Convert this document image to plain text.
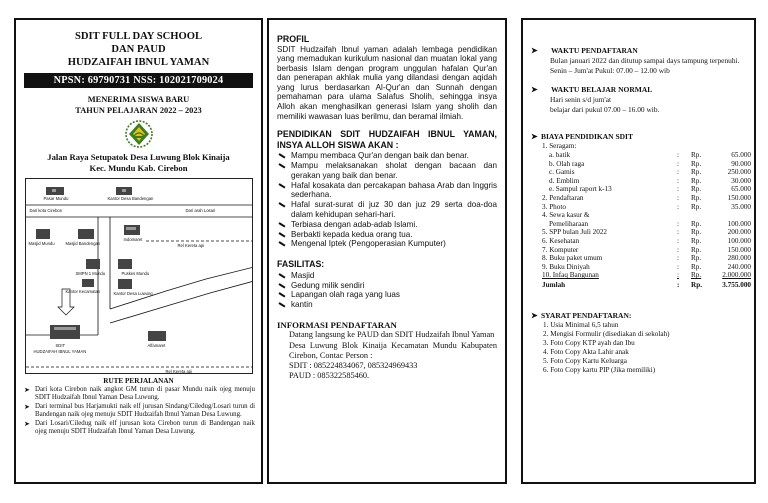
SDIT FULL DAY SCHOOL
DAN PAUD
HUDZAIFAH IBNUL YAMAN
NPSN: 69790731 NSS: 102021709024
MENERIMA SISWA BARU
TAHUN PELAJARAN 2022 – 2023
Jalan Raya Setupatok Desa Luwung Blok Kinaija
Kec. Mundu Kab. Cirebon
Pasar Mundu	Kantor Desa Bandengan
Dari kota Cirebon	Dari arah Losari
Masjid Mundu	Masjid Bandengan
Indomaret
Rel Kereta api
SMPN 1 Mundu	Puskes Mundu
Kantor Kecamatan	Kantor Desa Luwung
SDIT
HUDZAIFAH IBNUL YAMAN
Alfamaret
Rel Kereta api
RUTE PERJALANAN
➤ Dari kota Cirebon naik angkot GM turun di pasar Mundu naik ojeg menuju SDIT Hudzaifah Ibnul Yaman Desa Luwung.
➤ Dari terminal bus Harjamukti naik elf jurusan Sindang/Ciledug/Losari turun di Bandengan naik ojeg menuju SDIT Hudzaifah Ibnul Yaman Desa Luwung.
➤ Dari Losari/Ciledug naik elf jurusan kota Cirebon turun di Bandengan naik ojeg menuju SDIT Hudzaifah Ibnul Yaman Desa Luwung.
PROFIL
SDIT Hudzaifah Ibnul yaman adalah lembaga pendidikan yang memadukan kurikulum nasional dan muatan lokal yang berbasis Islam dengan program unggulan hafalan Qur'an dan penerapan akhlak mulia yang dilandasi dengan aqidah yang lurus berdasarkan Al-Qur'an dan Sunnah dengan pemahaman para ulama Salafus Sholih, sehingga insya Alloh akan menghasilkan generasi Islam yang sholih dan memiliki wawasan luas berilmu, dan beramal ilmiah.
PENDIDIKAN SDIT HUDZAIFAH IBNUL YAMAN, INSYA ALLOH SISWA AKAN :
Mampu membaca Qur'an dengan baik dan benar.
Mampu melaksanakan sholat dengan bacaan dan gerakan yang baik dan benar.
Hafal kosakata dan percakapan bahasa Arab dan Inggris sederhana.
Hafal surat-surat di juz 30 dan juz 29 serta doa-doa dalam kehidupan sehari-hari.
Terbiasa dengan adab-adab Islami.
Berbakti kepada kedua orang tua.
Mengenal Iptek (Pengoperasian Kumputer)
FASILITAS:
Masjid
Gedung milik sendiri
Lapangan olah raga yang luas
kantin
INFORMASI PENDAFTARAN
Datang langsung ke PAUD dan SDIT Hudzaifah Ibnul Yaman
Desa Luwung Blok Kinaija Kecamatan Mundu Kabupaten Cirebon, Contac Person :
SDIT : 085224834067, 085324969433
PAUD : 085322585460.
➤ WAKTU PENDAFTARAN
Bulan januari 2022 dan ditutup sampai days tampung terpenuhi.
Senin – Jum'at Pukul: 07.00 – 12.00 wib
➤ WAKTU BELAJAR NORMAL
Hari senin s/d jum'at
belajar dari pukul 07.00 – 16.00 wib.
➤ BIAYA PENDIDIKAN SDIT
1. Seragam:			
a. batik	:	Rp.	65.000
b. Olah raga	:	Rp.	90.000
c. Gamis	:	Rp.	250.000
d. Emblim	:	Rp.	30.000
e. Sampul raport k-13	:	Rp.	65.000
2. Pendaftaran	:	Rp.	150.000
3. Photo	:	Rp.	35.000
4. Sewa kasur &			
Pemeliharaan	:	Rp.	100.000
5. SPP bulan Juli 2022	:	Rp.	200.000
6. Kesehatan	:	Rp.	100.000
7. Komputer	:	Rp.	150.000
8. Buku paket umum	:	Rp.	280.000
9. Buku Diniyah	:	Rp.	240.000
10. Infaq Bangunan	:	Rp.	2.000.000
Jumlah	:	Rp.	3.755.000
➤ SYARAT PENDAFTARAN:
1. Usia Minimal 6,5 tahun
2. Mengisi Formulir (disediakan di sekolah)
3. Foto Copy KTP ayah dan Ibu
4. Foto Copy Akta Lahir anak
5. Foto Copy Kartu Keluarga
6. Foto Copy kartu PIP (Jika memiliki)
